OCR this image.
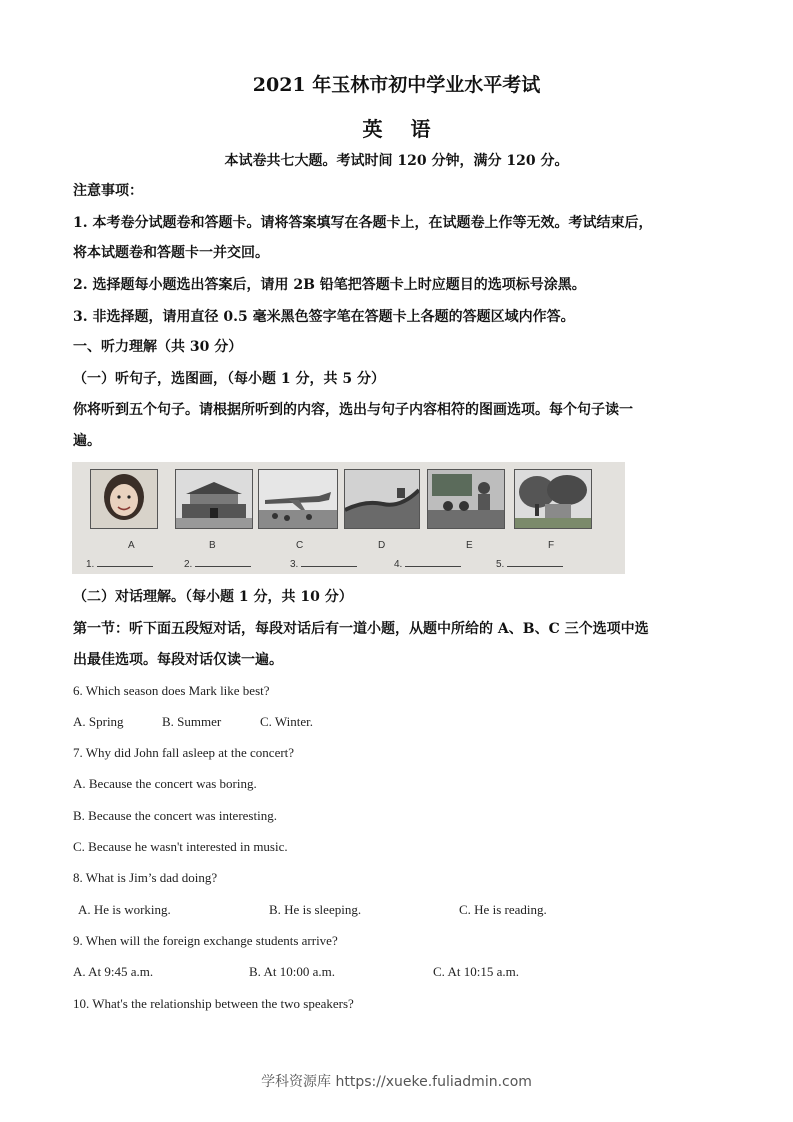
2021 年玉林市初中学业水平考试
英语
本试卷共七大题。考试时间 120 分钟，满分 120 分。
注意事项：
1. 本考卷分试题卷和答题卡。请将答案填写在各题卡上，在试题卷上作等无效。考试结束后，
将本试题卷和答题卡一并交回。
2. 选择题每小题选出答案后，请用 2B 铅笔把答题卡上时应题目的选项标号涂黑。
3. 非选择题，请用直径 0.5 毫米黑色签字笔在答题卡上各题的答题区域内作答。
一、听力理解（共 30 分）
（一）听句子，选图画，（每小题 1 分，共 5 分）
你将听到五个句子。请根据所听到的内容，选出与句子内容相符的图画选项。每个句子读一
遍。
A	B	C	D	E	F
1.	2.	3.	4.	5.
（二）对话理解。（每小题 1 分，共 10 分）
第一节：听下面五段短对话，每段对话后有一道小题，从题中所给的 A、B、C 三个选项中选
出最佳选项。每段对话仅读一遍。
6. Which season does Mark like best?
A. Spring	B. Summer	C. Winter.
7. Why did John fall asleep at the concert?
A. Because the concert was boring.
B. Because the concert was interesting.
C. Because he wasn't interested in music.
8. What is Jim’s dad doing?
A. He is working.	B. He is sleeping.	C. He is reading.
9. When will the foreign exchange students arrive?
A. At 9:45 a.m.	B. At 10:00 a.m.	C. At 10:15 a.m.
10. What's the relationship between the two speakers?
学科资源库 https://xueke.fuliadmin.com
